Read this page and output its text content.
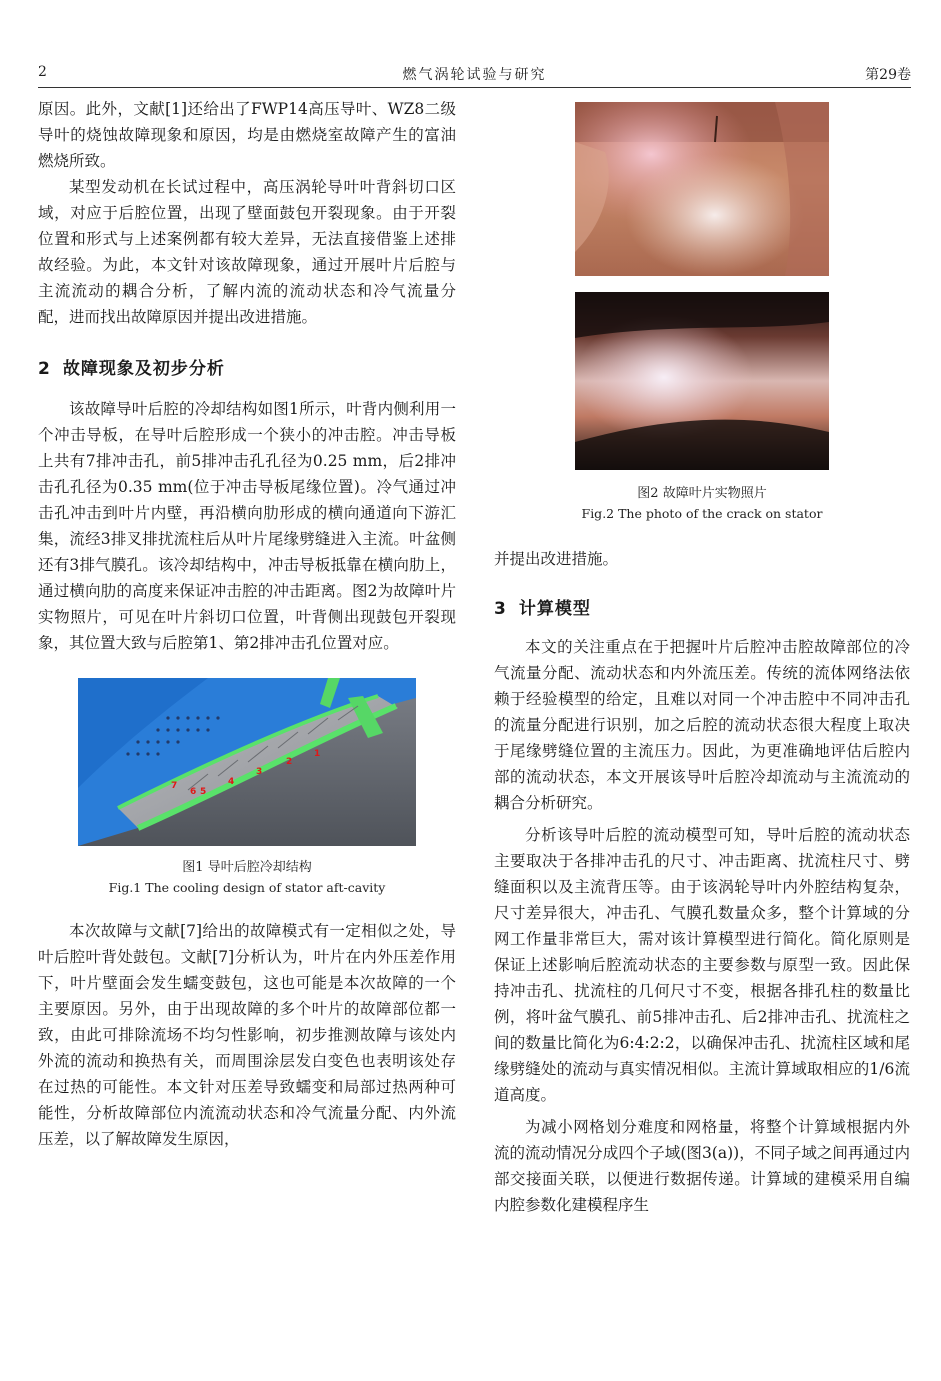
2	燃气涡轮试验与研究	第29卷

原因。此外，文献[1]还给出了FWP14高压导叶、WZ8二级导叶的烧蚀故障现象和原因，均是由燃烧室故障产生的富油燃烧所致。

某型发动机在长试过程中，高压涡轮导叶叶背斜切口区域，对应于后腔位置，出现了壁面鼓包开裂现象。由于开裂位置和形式与上述案例都有较大差异，无法直接借鉴上述排故经验。为此，本文针对该故障现象，通过开展叶片后腔与主流流动的耦合分析，了解内流的流动状态和冷气流量分配，进而找出故障原因并提出改进措施。

2 故障现象及初步分析

该故障导叶后腔的冷却结构如图1所示，叶背内侧利用一个冲击导板，在导叶后腔形成一个狭小的冲击腔。冲击导板上共有7排冲击孔，前5排冲击孔孔径为0.25 mm，后2排冲击孔孔径为0.35 mm(位于冲击导板尾缘位置)。冷气通过冲击孔冲击到叶片内壁，再沿横向肋形成的横向通道向下游汇集，流经3排叉排扰流柱后从叶片尾缘劈缝进入主流。叶盆侧还有3排气膜孔。该冷却结构中，冲击导板抵靠在横向肋上，通过横向肋的高度来保证冲击腔的冲击距离。图2为故障叶片实物照片，可见在叶片斜切口位置，叶背侧出现鼓包开裂现象，其位置大致与后腔第1、第2排冲击孔位置对应。

7
6 5
4
3
2
1
图1 导叶后腔冷却结构
Fig.1 The cooling design of stator aft-cavity

本次故障与文献[7]给出的故障模式有一定相似之处，导叶后腔叶背处鼓包。文献[7]分析认为，叶片在内外压差作用下，叶片壁面会发生蠕变鼓包，这也可能是本次故障的一个主要原因。另外，由于出现故障的多个叶片的故障部位都一致，由此可排除流场不均匀性影响，初步推测故障与该处内外流的流动和换热有关，而周围涂层发白变色也表明该处存在过热的可能性。本文针对压差导致蠕变和局部过热两种可能性，分析故障部位内流流动状态和冷气流量分配、内外流压差，以了解故障发生原因，

图2 故障叶片实物照片
Fig.2 The photo of the crack on stator

并提出改进措施。

3 计算模型

本文的关注重点在于把握叶片后腔冲击腔故障部位的冷气流量分配、流动状态和内外流压差。传统的流体网络法依赖于经验模型的给定，且难以对同一个冲击腔中不同冲击孔的流量分配进行识别，加之后腔的流动状态很大程度上取决于尾缘劈缝位置的主流压力。因此，为更准确地评估后腔内部的流动状态，本文开展该导叶后腔冷却流动与主流流动的耦合分析研究。

分析该导叶后腔的流动模型可知，导叶后腔的流动状态主要取决于各排冲击孔的尺寸、冲击距离、扰流柱尺寸、劈缝面积以及主流背压等。由于该涡轮导叶内外腔结构复杂，尺寸差异很大，冲击孔、气膜孔数量众多，整个计算域的分网工作量非常巨大，需对该计算模型进行简化。简化原则是保证上述影响后腔流动状态的主要参数与原型一致。因此保持冲击孔、扰流柱的几何尺寸不变，根据各排孔柱的数量比例，将叶盆气膜孔、前5排冲击孔、后2排冲击孔、扰流柱之间的数量比简化为6:4:2:2，以确保冲击孔、扰流柱区域和尾缘劈缝处的流动与真实情况相似。主流计算域取相应的1/6流道高度。

为减小网格划分难度和网格量，将整个计算域根据内外流的流动情况分成四个子域(图3(a))，不同子域之间再通过内部交接面关联，以便进行数据传递。计算域的建模采用自编内腔参数化建模程序生
